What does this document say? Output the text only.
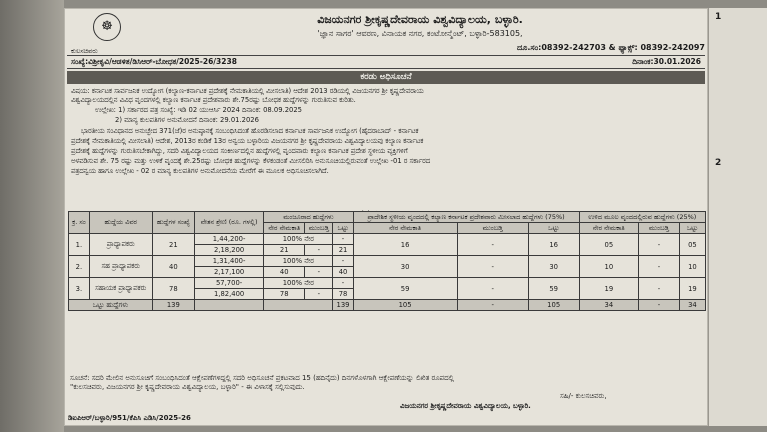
☸
ಕುಲಸಚಿವರು
ವಿಜಯನಗರ ಶ್ರೀಕೃಷ್ಣದೇವರಾಯ ವಿಶ್ವವಿದ್ಯಾಲಯ, ಬಳ್ಳಾರಿ.
'ಜ್ಞಾನ ಸಾಗರ' ಆವರಣ, ವಿನಾಯಕ ನಗರ, ಕಂಟೋನ್ಮೆಂಟ್, ಬಳ್ಳಾರಿ-583105,
ದೂ.ಸಂ:08392-242703 & ಫ್ಯಾಕ್ಸ್: 08392-242097
ಸಂಖ್ಯೆ:ವಿಶ್ರೀಕೃವಿ/ಆಡಳಿತ/ಡಿಸಿಆರ್-ಬೋಧಕ/2025-26/3238	ದಿನಾಂಕ:30.01.2026
ಕರಡು ಅಧಿಸೂಚನೆ
ವಿಷಯ: ಕರ್ನಾಟಕ ಸಾರ್ವಜನಿಕ ಉದ್ಯೋಗ (ಕಲ್ಯಾಣ-ಕರ್ನಾಟಕ ಪ್ರದೇಶಕ್ಕೆ ನೇಮಕಾತಿಯಲ್ಲಿ ಮೀಸಲಾತಿ) ಆದೇಶ 2013 ರಡಿಯಲ್ಲಿ ವಿಜಯನಗರ ಶ್ರೀ ಕೃಷ್ಣದೇವರಾಯ
ವಿಶ್ವವಿದ್ಯಾಲಯದಲ್ಲಿನ ವಿವಿಧ ವೃಂದಗಳಲ್ಲಿ ಕಲ್ಯಾಣ ಕರ್ನಾಟಕ ಪ್ರದೇಶವಾರು ಶೇ.75ರಷ್ಟು ಬೋಧಕ ಹುದ್ದೆಗಳನ್ನು ಗುರುತಿಸುವ ಕುರಿತು.
ಉಲ್ಲೇಖ: 1) ಸರ್ಕಾರದ ಪತ್ರ ಸಂಖ್ಯೆ: ಇಡಿ 02 ಯುಆರ್ಸಿ 2024 ದಿನಾಂಕ: 08.09.2025
2) ಮಾನ್ಯ ಕುಲಪತಿಗಳ ಅನುಮೋದನೆ ದಿನಾಂಕ: 29.01.2026
ಭಾರತೀಯ ಸಂವಿಧಾನದ ಅನುಚ್ಛೇದ 371(ಜೆ)ರ ಅನುಷ್ಠಾನಕ್ಕೆ ಸಂಬಂಧಿಸಿದಂತೆ ಹೊರಡಿಸಲಾದ ಕರ್ನಾಟಕ ಸಾರ್ವಜನಿಕ ಉದ್ಯೋಗ (ಹೈದರಾಬಾದ್ - ಕರ್ನಾಟಕ
ಪ್ರದೇಶಕ್ಕೆ ನೇಮಕಾತಿಯಲ್ಲಿ ಮೀಸಲಾತಿ) ಆದೇಶ, 2013ರ ಕಂಡಿಕೆ 13ರ ಅನ್ವಯ ಬಳ್ಳಾರಿಯ ವಿಜಯನಗರ ಶ್ರೀ ಕೃಷ್ಣದೇವರಾಯ ವಿಶ್ವವಿದ್ಯಾಲಯವು ಕಲ್ಯಾಣ ಕರ್ನಾಟಕ
ಪ್ರದೇಶಕ್ಕೆ ಹುದ್ದೆಗಳನ್ನು ಗುರುತಿಸಬೇಕಾಗಿದ್ದು, ಸದರಿ ವಿಶ್ವವಿದ್ಯಾಲಯದ ಸಂಕೀರ್ಣದಲ್ಲಿನ ಹುದ್ದೆಗಳಲ್ಲಿ ವೃಂದವಾರು ಕಲ್ಯಾಣ ಕರ್ನಾಟಕ ಪ್ರದೇಶ ಸ್ಥಳೀಯ ವ್ಯಕ್ತಿಗಳಿಗೆ
ಅಳವಡಿಸುವ ಶೇ. 75 ರಷ್ಟು ಮತ್ತು ಉಳಿಕೆ ವೃಂದಕ್ಕೆ ಶೇ.25ರಷ್ಟು ಬೋಧಕ ಹುದ್ದೆಗಳನ್ನು ಕೆಳಕಂಡಂತೆ ಮೀಸಲಿರಿಸಿ ಅನುಸೂಚಿಯಲ್ಲಿರುವಂತೆ ಉಲ್ಲೇಖ -01 ರ ಸರ್ಕಾರದ
ಪತ್ರದನ್ವಯ ಹಾಗೂ ಉಲ್ಲೇಖ - 02 ರ ಮಾನ್ಯ ಕುಲಪತಿಗಳ ಅನುಮೋದನೆಯ ಮೇರೆಗೆ ಈ ಮೂಲಕ ಅಧಿಸೂಚಿಸಲಾಗಿದೆ.
ಅನುಸೂಚಿ
ಕ್ರ. ಸಂ	ಹುದ್ದೆಯ ವಿವರ	ಹುದ್ದೆಗಳ ಸಂಖ್ಯೆ	ವೇತನ ಶ್ರೇಣಿ (ರೂ. ಗಳಲ್ಲಿ)	ಮಂಜೂರಾದ ಹುದ್ದೆಗಳು			ಪ್ರಾದೇಶಿಕ ಸ್ಥಳೀಯ ವೃಂದದಲ್ಲಿ ಕಲ್ಯಾಣ ಕರ್ನಾಟಕ ಪ್ರದೇಶವಾರು ಮೀಸಲಾದ ಹುದ್ದೆಗಳು (75%)			ಉಳಿದ ಮೂಲ ವೃಂದದಲ್ಲಿರುವ ಹುದ್ದೆಗಳು (25%)		
				ನೇರ ನೇಮಕಾತಿ	ಮುಂಬಡ್ತಿ	ಒಟ್ಟು	ನೇರ ನೇಮಕಾತಿ	ಮುಂಬಡ್ತಿ	ಒಟ್ಟು	ನೇರ ನೇಮಕಾತಿ	ಮುಂಬಡ್ತಿ	ಒಟ್ಟು
1.	ಪ್ರಾಧ್ಯಾಪಕರು	21	1,44,200-	100% ನೇರ		-	16	-	16	05	-	05
			2,18,200	21	-	21						
2.	ಸಹ ಪ್ರಾಧ್ಯಾಪಕರು	40	1,31,400-	100% ನೇರ		-	30	-	30	10	-	10
			2,17,100	40	-	40						
3.	ಸಹಾಯಕ ಪ್ರಾಧ್ಯಾಪಕರು	78	57,700-	100% ನೇರ		-	59	-	59	19	-	19
			1,82,400	78	-	78						
ಒಟ್ಟು ಹುದ್ದೆಗಳು		139				139	105	-	105	34	-	34
ಸೂಚನೆ: ಸದರಿ ಮೇಲಿನ ಅನುಸೂಚಿಗೆ ಸಂಬಂಧಿಸಿದಂತೆ ಆಕ್ಷೇಪಣೆಗಳಿದ್ದಲ್ಲಿ ಸದರಿ ಅಧಿಸೂಚನೆ ಪ್ರಕಟವಾದ 15 (ಹದಿನೈದು) ದಿನಗಳೊಳಗಾಗಿ ಆಕ್ಷೇಪಣೆಯನ್ನು ಲಿಖಿತ ರೂಪದಲ್ಲಿ
"ಕುಲಸಚಿವರು, ವಿಜಯನಗರ ಶ್ರೀ ಕೃಷ್ಣದೇವರಾಯ ವಿಶ್ವವಿದ್ಯಾಲಯ, ಬಳ್ಳಾರಿ" - ಈ ವಿಳಾಸಕ್ಕೆ ಸಲ್ಲಿಸುವುದು.
ಸಹಿ/- ಕುಲಸಚಿವರು,
ವಿಜಯನಗರ ಶ್ರೀಕೃಷ್ಣದೇವರಾಯ ವಿಶ್ವವಿದ್ಯಾಲಯ, ಬಳ್ಳಾರಿ.
ಡಿಐಪಿಆರ್/ಬಳ್ಳಾರಿ/951/ಕೆಪಿಸಿ ಎಡಿಸಿ/2025-26
1
2
